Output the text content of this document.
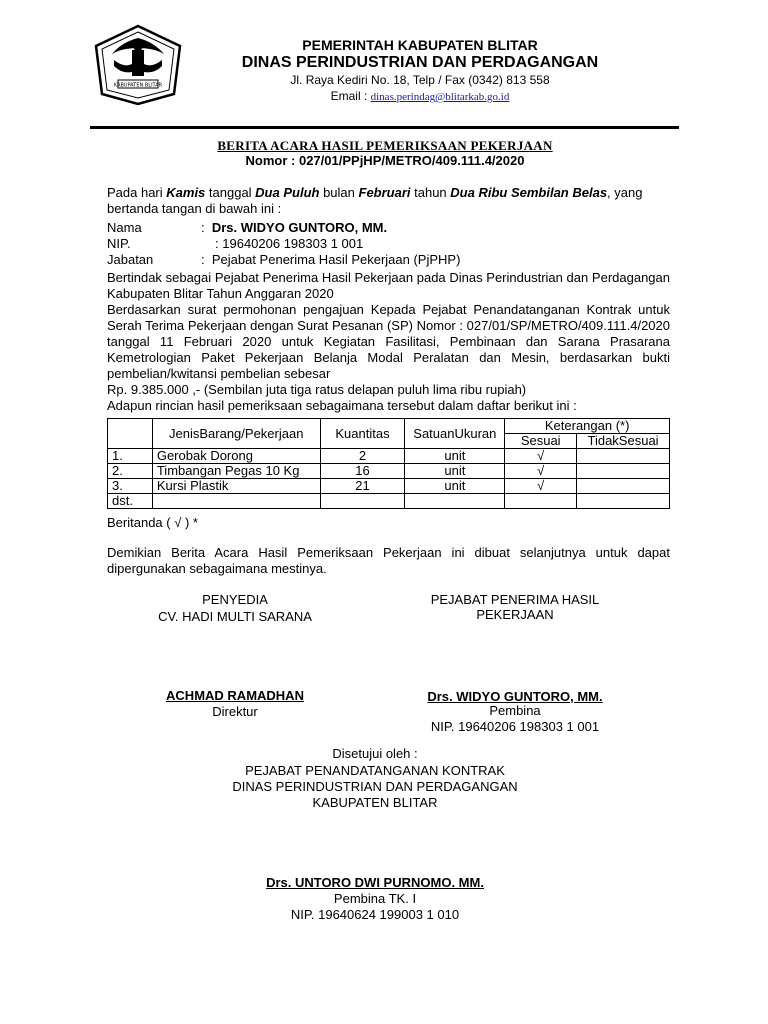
KABUPATEN BLITAR
PEMERINTAH KABUPATEN BLITAR
DINAS PERINDUSTRIAN DAN PERDAGANGAN
Jl. Raya Kediri No. 18, Telp / Fax (0342) 813 558
Email : dinas.perindag@blitarkab.go.id
BERITA ACARA HASIL PEMERIKSAAN PEKERJAAN
Nomor : 027/01/PPjHP/METRO/409.111.4/2020
Pada hari Kamis tanggal Dua Puluh bulan Februari tahun Dua Ribu Sembilan Belas, yang bertanda tangan di bawah ini :
Nama	: Drs. WIDYO GUNTORO, MM.
NIP.	: 19640206 198303 1 001
Jabatan	: Pejabat Penerima Hasil Pekerjaan (PjPHP)
Bertindak sebagai Pejabat Penerima Hasil Pekerjaan pada Dinas Perindustrian dan Perdagangan Kabupaten Blitar Tahun Anggaran 2020
Berdasarkan surat permohonan pengajuan Kepada Pejabat Penandatanganan Kontrak untuk Serah Terima Pekerjaan dengan Surat Pesanan (SP) Nomor : 027/01/SP/METRO/409.111.4/2020 tanggal 11 Februari 2020 untuk Kegiatan Fasilitasi, Pembinaan dan Sarana Prasarana Kemetrologian Paket Pekerjaan Belanja Modal Peralatan dan Mesin, berdasarkan bukti pembelian/kwitansi pembelian sebesar
Rp. 9.385.000 ,- (Sembilan juta tiga ratus delapan puluh lima ribu rupiah)
Adapun rincian hasil pemeriksaan sebagaimana tersebut dalam daftar berikut ini :
	JenisBarang/Pekerjaan	Kuantitas	SatuanUkuran	Keterangan (*)	
				Sesuai	TidakSesuai
1.	Gerobak Dorong	2	unit	√	
2.	Timbangan Pegas 10 Kg	16	unit	√	
3.	Kursi Plastik	21	unit	√	
dst.					
Beritanda ( √ ) *
Demikian Berita Acara Hasil Pemeriksaan Pekerjaan ini dibuat selanjutnya untuk dapat dipergunakan sebagaimana mestinya.
PENYEDIA
CV. HADI MULTI SARANA
PEJABAT PENERIMA HASIL
PEKERJAAN
ACHMAD RAMADHAN
Direktur
Drs. WIDYO GUNTORO, MM.
Pembina
NIP. 19640206 198303 1 001
Disetujui oleh :
PEJABAT PENANDATANGANAN KONTRAK
DINAS PERINDUSTRIAN DAN PERDAGANGAN
KABUPATEN BLITAR
Drs. UNTORO DWI PURNOMO. MM.
Pembina TK. I
NIP. 19640624 199003 1 010
